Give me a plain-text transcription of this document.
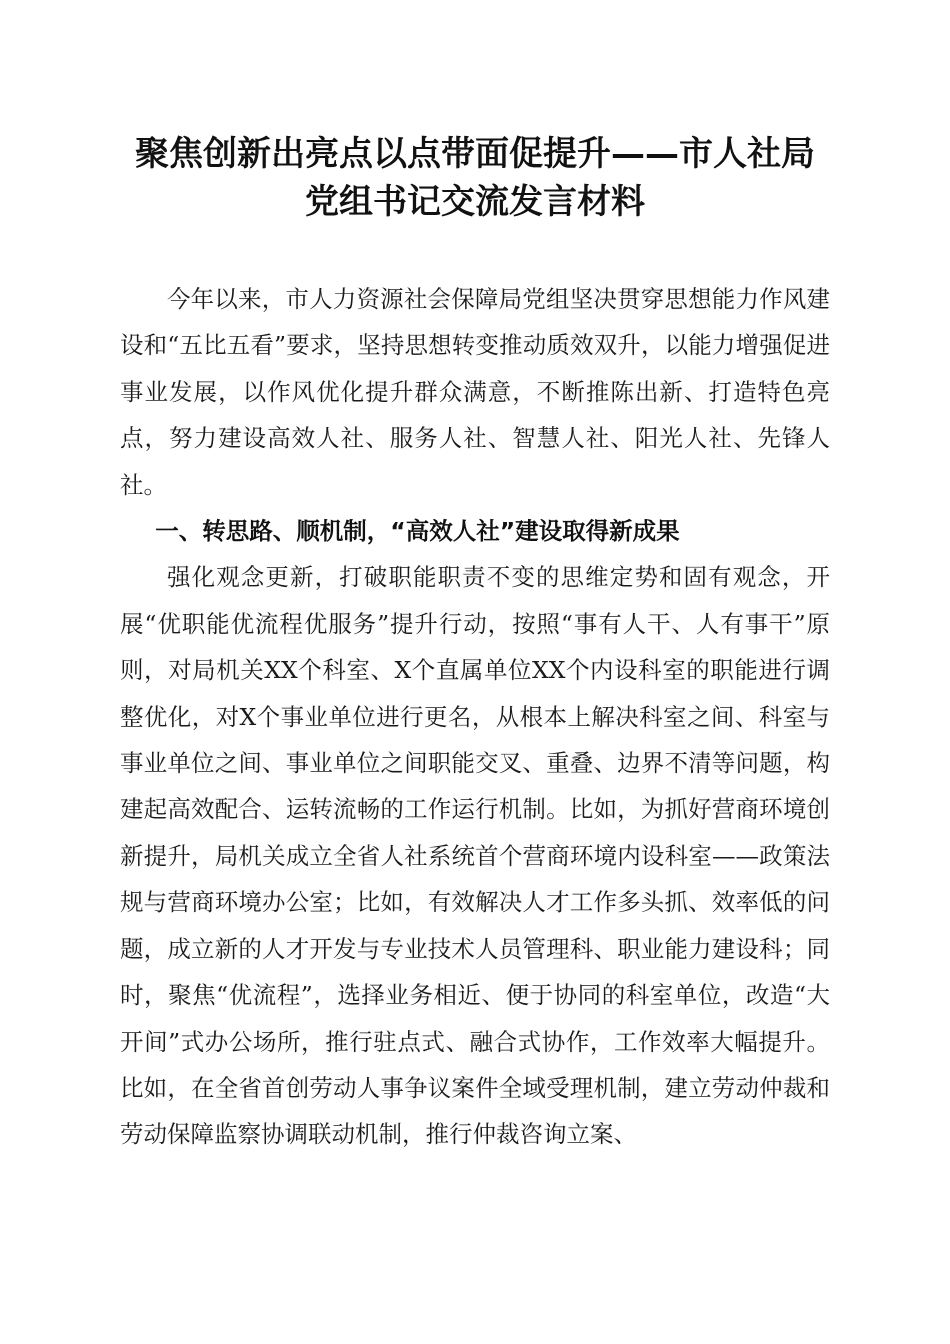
聚焦创新出亮点以点带面促提升——市人社局
党组书记交流发言材料

今年以来，市人力资源社会保障局党组坚决贯穿思想能力作风建设和“五比五看”要求，坚持思想转变推动质效双升，以能力增强促进事业发展，以作风优化提升群众满意，不断推陈出新、打造特色亮点，努力建设高效人社、服务人社、智慧人社、阳光人社、先锋人社。

一、转思路、顺机制，“高效人社”建设取得新成果

强化观念更新，打破职能职责不变的思维定势和固有观念，开展“优职能优流程优服务”提升行动，按照“事有人干、人有事干”原则，对局机关XX个科室、X个直属单位XX个内设科室的职能进行调整优化，对X个事业单位进行更名，从根本上解决科室之间、科室与事业单位之间、事业单位之间职能交叉、重叠、边界不清等问题，构建起高效配合、运转流畅的工作运行机制。比如，为抓好营商环境创新提升，局机关成立全省人社系统首个营商环境内设科室——政策法规与营商环境办公室；比如，有效解决人才工作多头抓、效率低的问题，成立新的人才开发与专业技术人员管理科、职业能力建设科；同时，聚焦“优流程”，选择业务相近、便于协同的科室单位，改造“大开间”式办公场所，推行驻点式、融合式协作，工作效率大幅提升。比如，在全省首创劳动人事争议案件全域受理机制，建立劳动仲裁和劳动保障监察协调联动机制，推行仲裁咨询立案、
